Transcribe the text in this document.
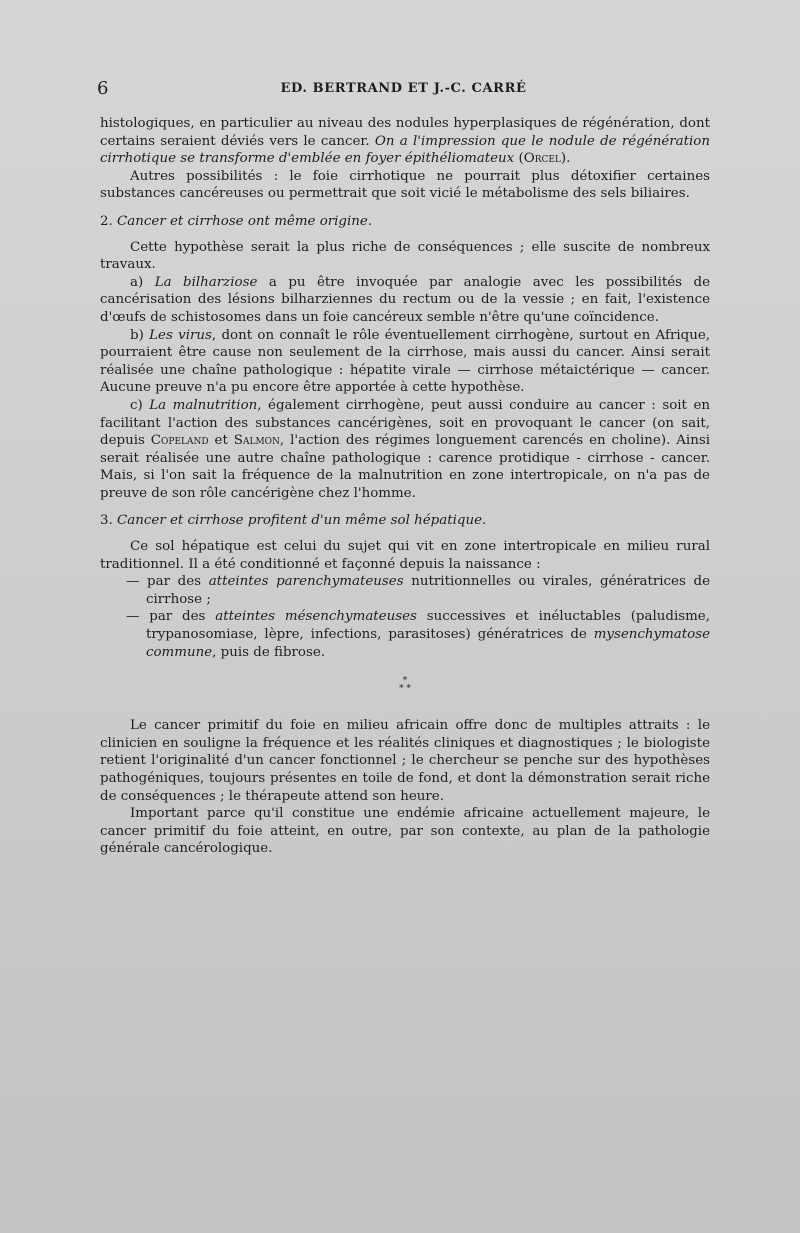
6	ED. BERTRAND ET J.-C. CARRÉ

histologiques, en particulier au niveau des nodules hyperplasiques de régénération, dont certains seraient déviés vers le cancer. On a l'impression que le nodule de régénération cirrhotique se transforme d'emblée en foyer épithéliomateux (Orcel).

Autres possibilités : le foie cirrhotique ne pourrait plus détoxifier certaines substances cancéreuses ou permettrait que soit vicié le métabolisme des sels biliaires.

2. Cancer et cirrhose ont même origine.

Cette hypothèse serait la plus riche de conséquences ; elle suscite de nombreux travaux.

a) La bilharziose a pu être invoquée par analogie avec les possibilités de cancérisation des lésions bilharziennes du rectum ou de la vessie ; en fait, l'existence d'œufs de schistosomes dans un foie cancéreux semble n'être qu'une coïncidence.

b) Les virus, dont on connaît le rôle éventuellement cirrhogène, surtout en Afrique, pourraient être cause non seulement de la cirrhose, mais aussi du cancer. Ainsi serait réalisée une chaîne pathologique : hépatite virale — cirrhose métaictérique — cancer. Aucune preuve n'a pu encore être apportée à cette hypothèse.

c) La malnutrition, également cirrhogène, peut aussi conduire au cancer : soit en facilitant l'action des substances cancérigènes, soit en provoquant le cancer (on sait, depuis Copeland et Salmon, l'action des régimes longuement carencés en choline). Ainsi serait réalisée une autre chaîne pathologique : carence protidique - cirrhose - cancer. Mais, si l'on sait la fréquence de la malnutrition en zone intertropicale, on n'a pas de preuve de son rôle cancérigène chez l'homme.

3. Cancer et cirrhose profitent d'un même sol hépatique.

Ce sol hépatique est celui du sujet qui vit en zone intertropicale en milieu rural traditionnel. Il a été conditionné et façonné depuis la naissance :

— par des atteintes parenchymateuses nutritionnelles ou virales, génératrices de cirrhose ;

— par des atteintes mésenchymateuses successives et inéluctables (paludisme, trypanosomiase, lèpre, infections, parasitoses) génératrices de mysenchymatose commune, puis de fibrose.

*
* *

Le cancer primitif du foie en milieu africain offre donc de multiples attraits : le clinicien en souligne la fréquence et les réalités cliniques et diagnostiques ; le biologiste retient l'originalité d'un cancer fonctionnel ; le chercheur se penche sur des hypothèses pathogéniques, toujours présentes en toile de fond, et dont la démonstration serait riche de conséquences ; le thérapeute attend son heure.

Important parce qu'il constitue une endémie africaine actuellement majeure, le cancer primitif du foie atteint, en outre, par son contexte, au plan de la pathologie générale cancérologique.
